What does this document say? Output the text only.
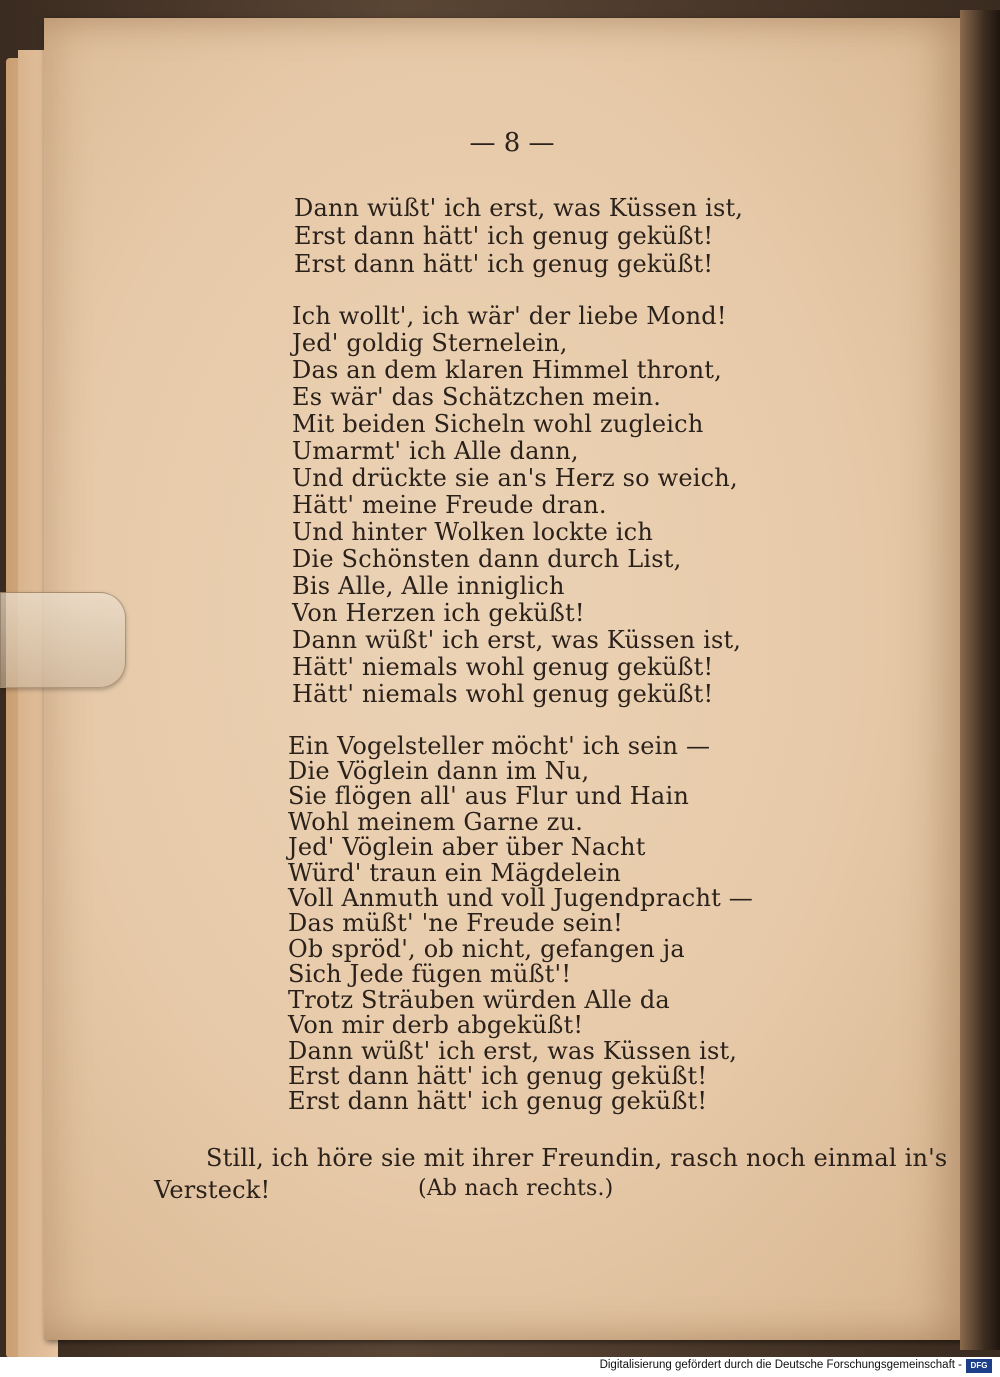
— 8 —
Dann wüßt' ich erst, was Küssen ist,
Erst dann hätt' ich genug geküßt!
Erst dann hätt' ich genug geküßt!
Ich wollt', ich wär' der liebe Mond!
Jed' goldig Sternelein,
Das an dem klaren Himmel thront,
Es wär' das Schätzchen mein.
Mit beiden Sicheln wohl zugleich
Umarmt' ich Alle dann,
Und drückte sie an's Herz so weich,
Hätt' meine Freude dran.
Und hinter Wolken lockte ich
Die Schönsten dann durch List,
Bis Alle, Alle inniglich
Von Herzen ich geküßt!
Dann wüßt' ich erst, was Küssen ist,
Hätt' niemals wohl genug geküßt!
Hätt' niemals wohl genug geküßt!
Ein Vogelsteller möcht' ich sein —
Die Vöglein dann im Nu,
Sie flögen all' aus Flur und Hain
Wohl meinem Garne zu.
Jed' Vöglein aber über Nacht
Würd' traun ein Mägdelein
Voll Anmuth und voll Jugendpracht —
Das müßt' 'ne Freude sein!
Ob spröd', ob nicht, gefangen ja
Sich Jede fügen müßt'!
Trotz Sträuben würden Alle da
Von mir derb abgeküßt!
Dann wüßt' ich erst, was Küssen ist,
Erst dann hätt' ich genug geküßt!
Erst dann hätt' ich genug geküßt!
Still, ich höre sie mit ihrer Freundin, rasch noch einmal in's
Versteck!	(Ab nach rechts.)
Digitalisierung gefördert durch die Deutsche Forschungsgemeinschaft -	DFG
